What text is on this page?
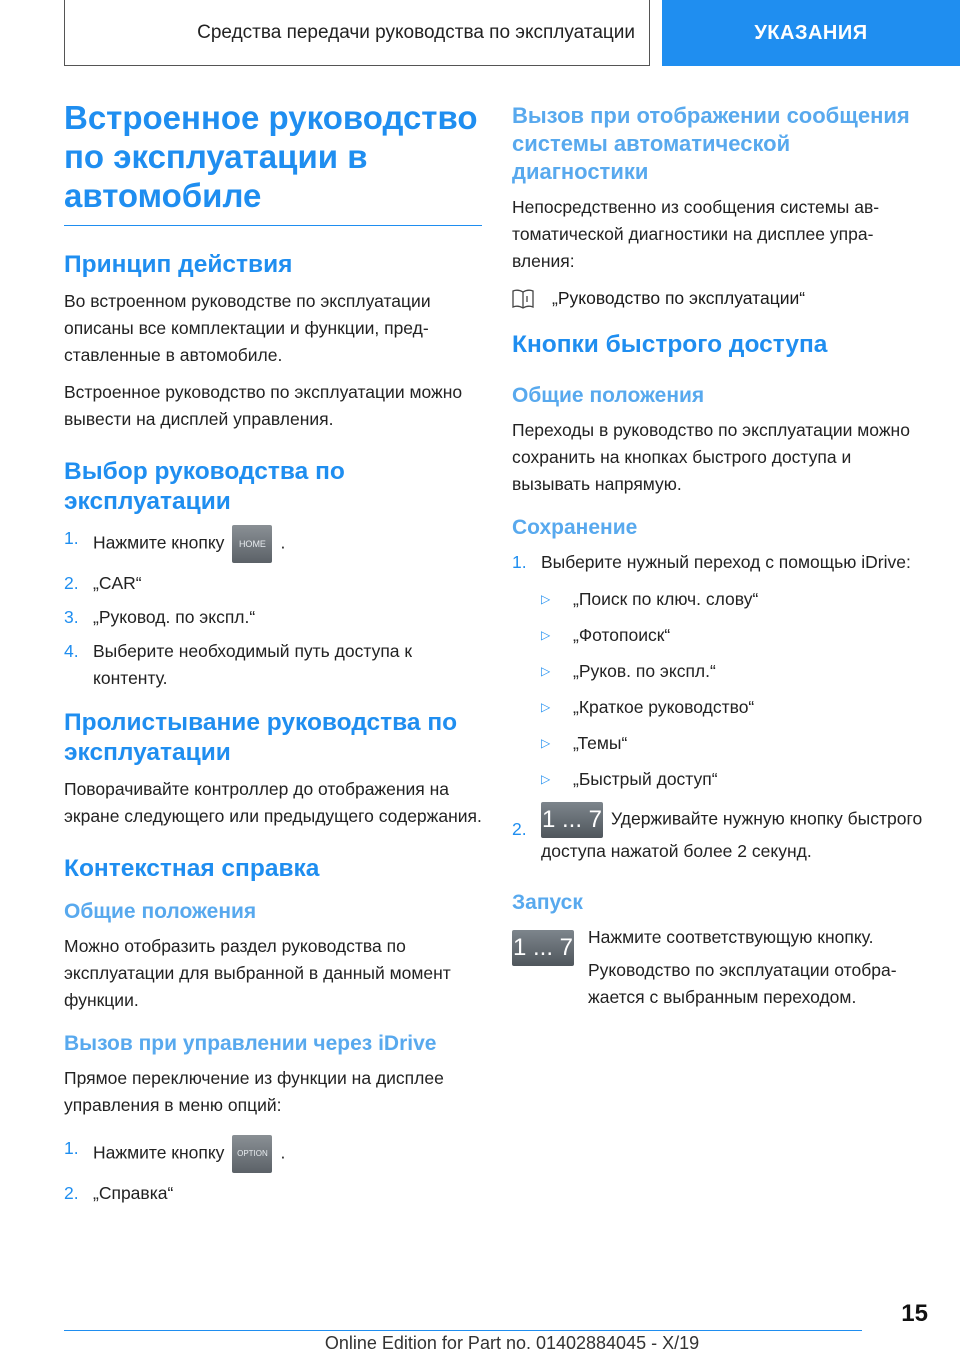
Средства передачи руководства по эксплуатации	УКАЗАНИЯ
Встроенное руководство по эксплуатации в автомобиле
Принцип действия

Во встроенном руководстве по эксплуатации описаны все комплектации и функции, представленные в автомобиле.

Встроенное руководство по эксплуатации можно вывести на дисплей управления.

Выбор руководства по эксплуатации
1. Нажмите кнопку HOME .
2. „CAR“
3. „Руковод. по экспл.“
4. Выберите необходимый путь доступа к контенту.
Пролистывание руководства по эксплуатации

Поворачивайте контроллер до отображения на экране следующего или предыдущего содержания.

Контекстная справка
Общие положения

Можно отобразить раздел руководства по эксплуатации для выбранной в данный момент функции.

Вызов при управлении через iDrive

Прямое переключение из функции на дисплее управления в меню опций:

1. Нажмите кнопку OPTION .
2. „Справка“
Вызов при отображении сообщения системы автоматической диагностики

Непосредственно из сообщения системы автоматической диагностики на дисплее управления:

„Руководство по эксплуатации“
Кнопки быстрого доступа
Общие положения

Переходы в руководство по эксплуатации можно сохранить на кнопках быстрого доступа и вызывать напрямую.

Сохранение
1. Выберите нужный переход с помощью iDrive:
▷	„Поиск по ключ. слову“
▷	„Фотопоиск“
▷	„Руков. по экспл.“
▷	„Краткое руководство“
▷	„Темы“
▷	„Быстрый доступ“
2. 1 ... 7 Удерживайте нужную кнопку быстрого доступа нажатой более 2 секунд.
Запуск
1 ... 7 Нажмите соответствующую кнопку.

Руководство по эксплуатации отображается с выбранным переходом.

15
Online Edition for Part no. 01402884045 - X/19
